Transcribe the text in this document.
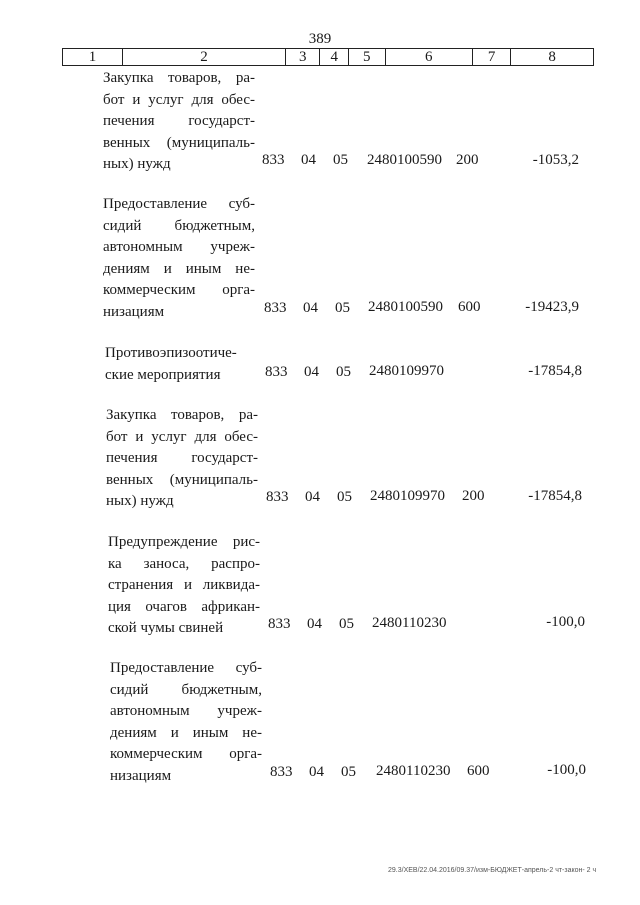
389
1	2	3	4	5	6	7	8
Закупка товаров, ра-
бот и услуг для обес-
печения государст-
венных (муниципаль-
ных) нужд	833 04 05 2480100590 200	-1053,2
Предоставление суб-
сидий бюджетным,
автономным учреж-
дениям и иным не-
коммерческим орга-
низациям	833 04 05 2480100590 600	-19423,9
Противоэпизоотиче-
ские мероприятия	833 04 05 2480109970	-17854,8
Закупка товаров, ра-
бот и услуг для обес-
печения государст-
венных (муниципаль-
ных) нужд	833 04 05 2480109970 200	-17854,8
Предупреждение рис-
ка заноса, распро-
странения и ликвида-
ция очагов африкан-
ской чумы свиней	833 04 05 2480110230	-100,0
Предоставление суб-
сидий бюджетным,
автономным учреж-
дениям и иным не-
коммерческим орга-
низациям	833 04 05 2480110230 600	-100,0
29.3/XEB/22.04.2016/09.37/изм-БЮДЖЕТ-апрель-2 чт-закон- 2 ч
